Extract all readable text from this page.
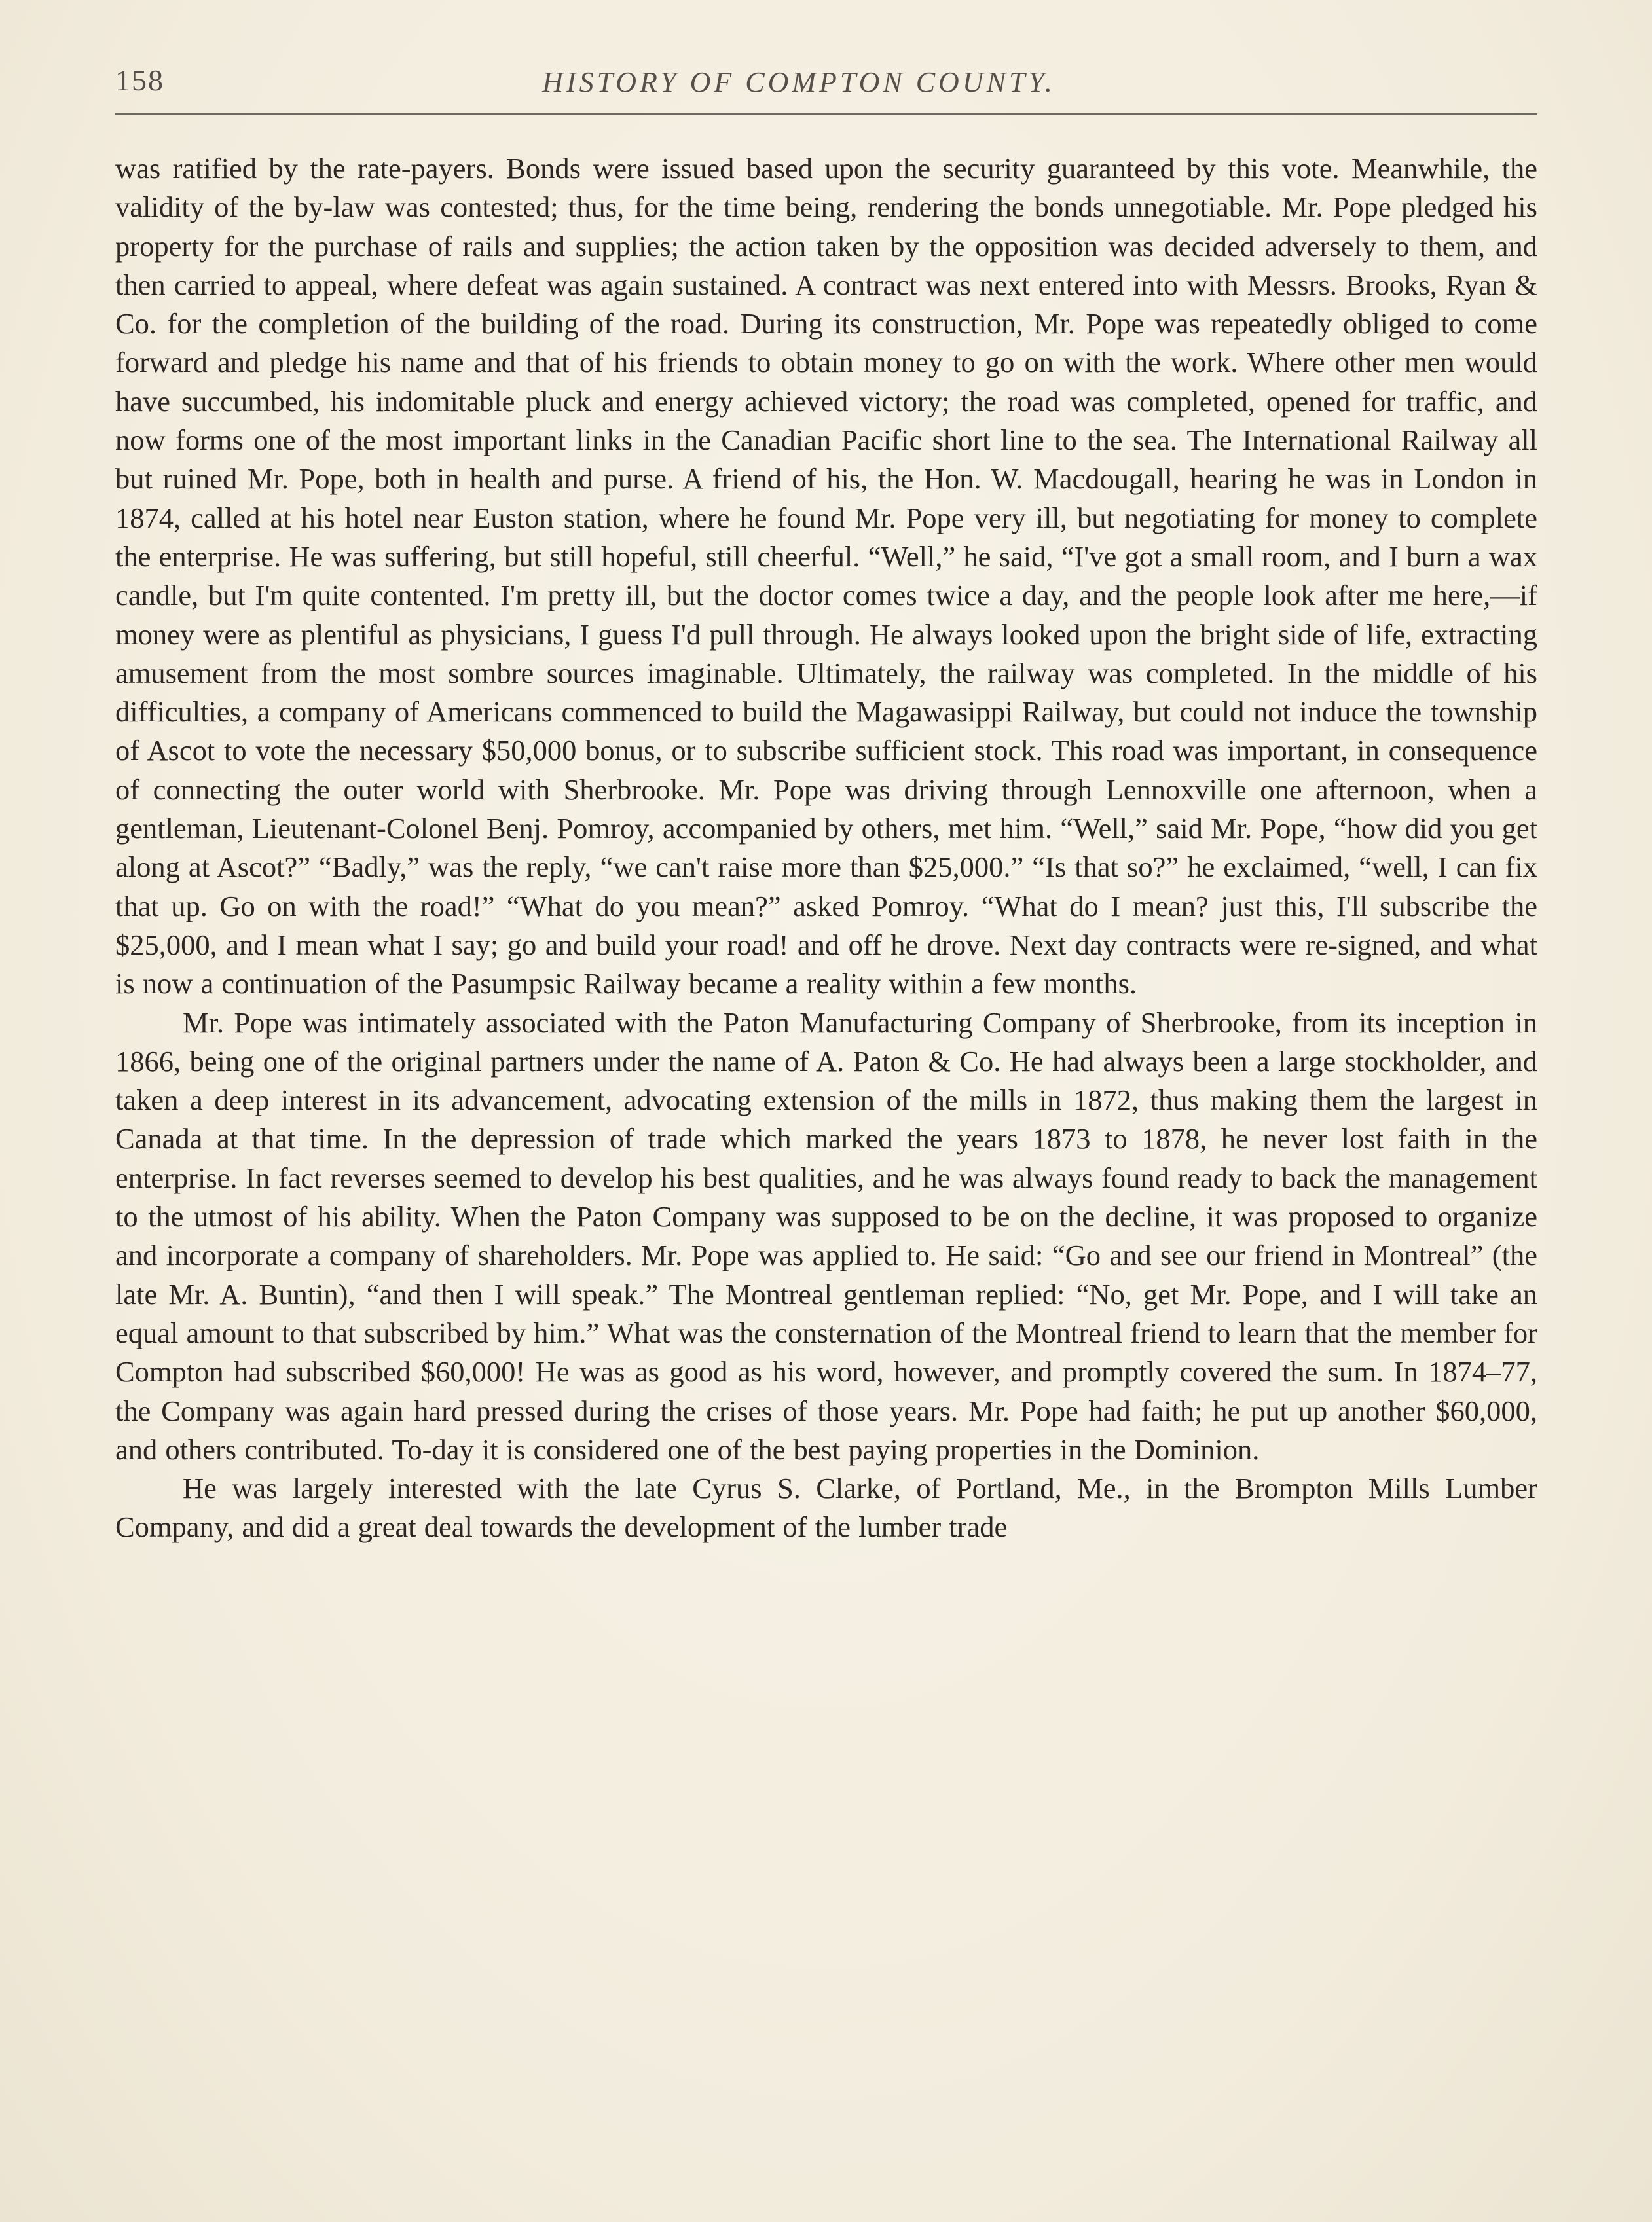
158	HISTORY OF COMPTON COUNTY.

was ratified by the rate-payers. Bonds were issued based upon the security guaranteed by this vote. Meanwhile, the validity of the by-law was contested; thus, for the time being, rendering the bonds unnegotiable. Mr. Pope pledged his property for the purchase of rails and supplies; the action taken by the opposition was decided adversely to them, and then carried to appeal, where defeat was again sustained. A contract was next entered into with Messrs. Brooks, Ryan & Co. for the completion of the building of the road. During its construction, Mr. Pope was repeatedly obliged to come forward and pledge his name and that of his friends to obtain money to go on with the work. Where other men would have succumbed, his indomitable pluck and energy achieved victory; the road was completed, opened for traffic, and now forms one of the most important links in the Canadian Pacific short line to the sea. The International Railway all but ruined Mr. Pope, both in health and purse. A friend of his, the Hon. W. Macdougall, hearing he was in London in 1874, called at his hotel near Euston station, where he found Mr. Pope very ill, but negotiating for money to complete the enterprise. He was suffering, but still hopeful, still cheerful. “Well,” he said, “I've got a small room, and I burn a wax candle, but I'm quite contented. I'm pretty ill, but the doctor comes twice a day, and the people look after me here,—if money were as plentiful as physicians, I guess I'd pull through. He always looked upon the bright side of life, extracting amusement from the most sombre sources imaginable. Ultimately, the railway was completed. In the middle of his difficulties, a company of Americans commenced to build the Magawasippi Railway, but could not induce the township of Ascot to vote the necessary $50,000 bonus, or to subscribe sufficient stock. This road was important, in consequence of connecting the outer world with Sherbrooke. Mr. Pope was driving through Lennoxville one afternoon, when a gentleman, Lieutenant-Colonel Benj. Pomroy, accompanied by others, met him. “Well,” said Mr. Pope, “how did you get along at Ascot?” “Badly,” was the reply, “we can't raise more than $25,000.” “Is that so?” he exclaimed, “well, I can fix that up. Go on with the road!” “What do you mean?” asked Pomroy. “What do I mean? just this, I'll subscribe the $25,000, and I mean what I say; go and build your road! and off he drove. Next day contracts were re-signed, and what is now a continuation of the Pasumpsic Railway became a reality within a few months.

Mr. Pope was intimately associated with the Paton Manufacturing Company of Sherbrooke, from its inception in 1866, being one of the original partners under the name of A. Paton & Co. He had always been a large stockholder, and taken a deep interest in its advancement, advocating extension of the mills in 1872, thus making them the largest in Canada at that time. In the depression of trade which marked the years 1873 to 1878, he never lost faith in the enterprise. In fact reverses seemed to develop his best qualities, and he was always found ready to back the management to the utmost of his ability. When the Paton Company was supposed to be on the decline, it was proposed to organize and incorporate a company of shareholders. Mr. Pope was applied to. He said: “Go and see our friend in Montreal” (the late Mr. A. Buntin), “and then I will speak.” The Montreal gentleman replied: “No, get Mr. Pope, and I will take an equal amount to that subscribed by him.” What was the consternation of the Montreal friend to learn that the member for Compton had subscribed $60,000! He was as good as his word, however, and promptly covered the sum. In 1874–77, the Company was again hard pressed during the crises of those years. Mr. Pope had faith; he put up another $60,000, and others contributed. To-day it is considered one of the best paying properties in the Dominion.

He was largely interested with the late Cyrus S. Clarke, of Portland, Me., in the Brompton Mills Lumber Company, and did a great deal towards the development of the lumber trade
